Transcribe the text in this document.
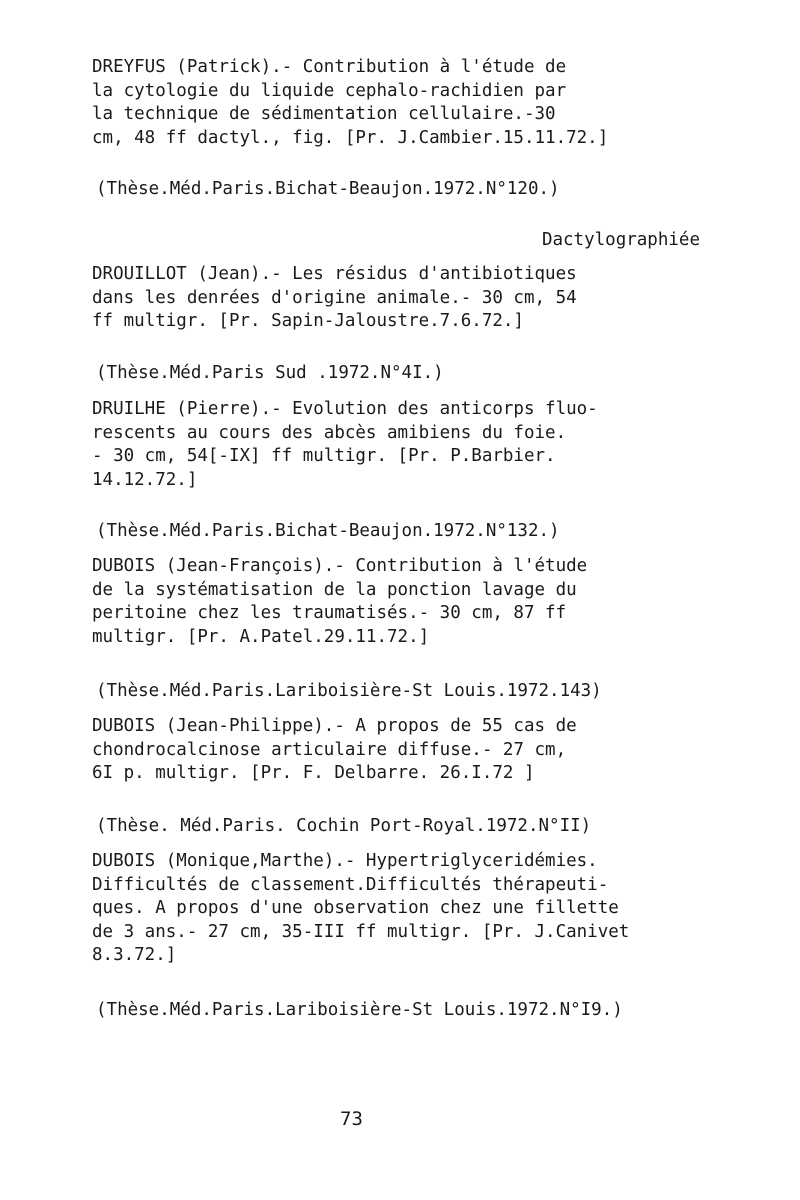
DREYFUS (Patrick).- Contribution à l'étude de
la cytologie du liquide cephalo-rachidien par
la technique de sédimentation cellulaire.-30
cm, 48 ff dactyl., fig. [Pr. J.Cambier.15.11.72.]
(Thèse.Méd.Paris.Bichat-Beaujon.1972.N°120.)
Dactylographiée
DROUILLOT (Jean).- Les résidus d'antibiotiques
dans les denrées d'origine animale.- 30 cm, 54
ff multigr. [Pr. Sapin-Jaloustre.7.6.72.]
(Thèse.Méd.Paris Sud .1972.N°4I.)
DRUILHE (Pierre).- Evolution des anticorps fluo-
rescents au cours des abcès amibiens du foie.
- 30 cm, 54[-IX] ff multigr. [Pr. P.Barbier.
14.12.72.]
(Thèse.Méd.Paris.Bichat-Beaujon.1972.N°132.)
DUBOIS (Jean-François).- Contribution à l'étude
de la systématisation de la ponction lavage du
peritoine chez les traumatisés.- 30 cm, 87 ff
multigr. [Pr. A.Patel.29.11.72.]
(Thèse.Méd.Paris.Lariboisière-St Louis.1972.143)
DUBOIS (Jean-Philippe).- A propos de 55 cas de
chondrocalcinose articulaire diffuse.- 27 cm,
6I p. multigr. [Pr. F. Delbarre. 26.I.72 ]
(Thèse. Méd.Paris. Cochin Port-Royal.1972.N°II)
DUBOIS (Monique,Marthe).- Hypertriglyceridémies.
Difficultés de classement.Difficultés thérapeuti-
ques. A propos d'une observation chez une fillette
de 3 ans.- 27 cm, 35-III ff multigr. [Pr. J.Canivet
8.3.72.]
(Thèse.Méd.Paris.Lariboisière-St Louis.1972.N°I9.)
73
